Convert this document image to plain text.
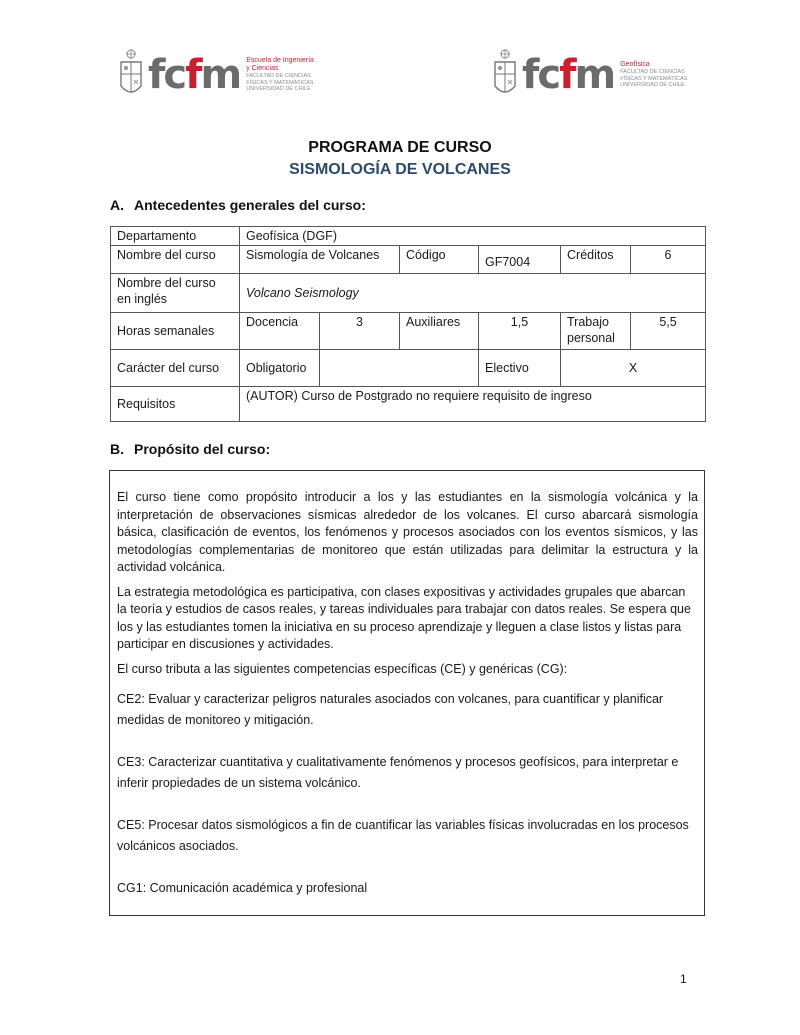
fcfm Escuela de Ingeniería
y Ciencias
FACULTAD DE CIENCIAS
FÍSICAS Y MATEMÁTICAS
UNIVERSIDAD DE CHILE	fcfm Geofísica
FACULTAD DE CIENCIAS
FÍSICAS Y MATEMÁTICAS
UNIVERSIDAD DE CHILE
PROGRAMA DE CURSO
SISMOLOGÍA DE VOLCANES
A. Antecedentes generales del curso:
Departamento	Geofísica (DGF)					
Nombre del curso	Sismología de Volcanes		Código	GF7004	Créditos	6
Nombre del curso en inglés	Volcano Seismology					
Horas semanales	Docencia	3	Auxiliares	1,5	Trabajo personal	5,5
Carácter del curso	Obligatorio			Electivo	X	
Requisitos	(AUTOR) Curso de Postgrado no requiere requisito de ingreso					
B. Propósito del curso:

El curso tiene como propósito introducir a los y las estudiantes en la sismología volcánica y la interpretación de observaciones sísmicas alrededor de los volcanes. El curso abarcará sismología básica, clasificación de eventos, los fenómenos y procesos asociados con los eventos sísmicos, y las metodologías complementarias de monitoreo que están utilizadas para delimitar la estructura y la actividad volcánica.

La estrategia metodológica es participativa, con clases expositivas y actividades grupales que abarcan la teoría y estudios de casos reales, y tareas individuales para trabajar con datos reales. Se espera que los y las estudiantes tomen la iniciativa en su proceso aprendizaje y lleguen a clase listos y listas para participar en discusiones y actividades.

El curso tributa a las siguientes competencias específicas (CE) y genéricas (CG):

CE2: Evaluar y caracterizar peligros naturales asociados con volcanes, para cuantificar y planificar medidas de monitoreo y mitigación.

CE3: Caracterizar cuantitativa y cualitativamente fenómenos y procesos geofísicos, para interpretar e inferir propiedades de un sistema volcánico.

CE5: Procesar datos sismológicos a fin de cuantificar las variables físicas involucradas en los procesos volcánicos asociados.

CG1: Comunicación académica y profesional

1
